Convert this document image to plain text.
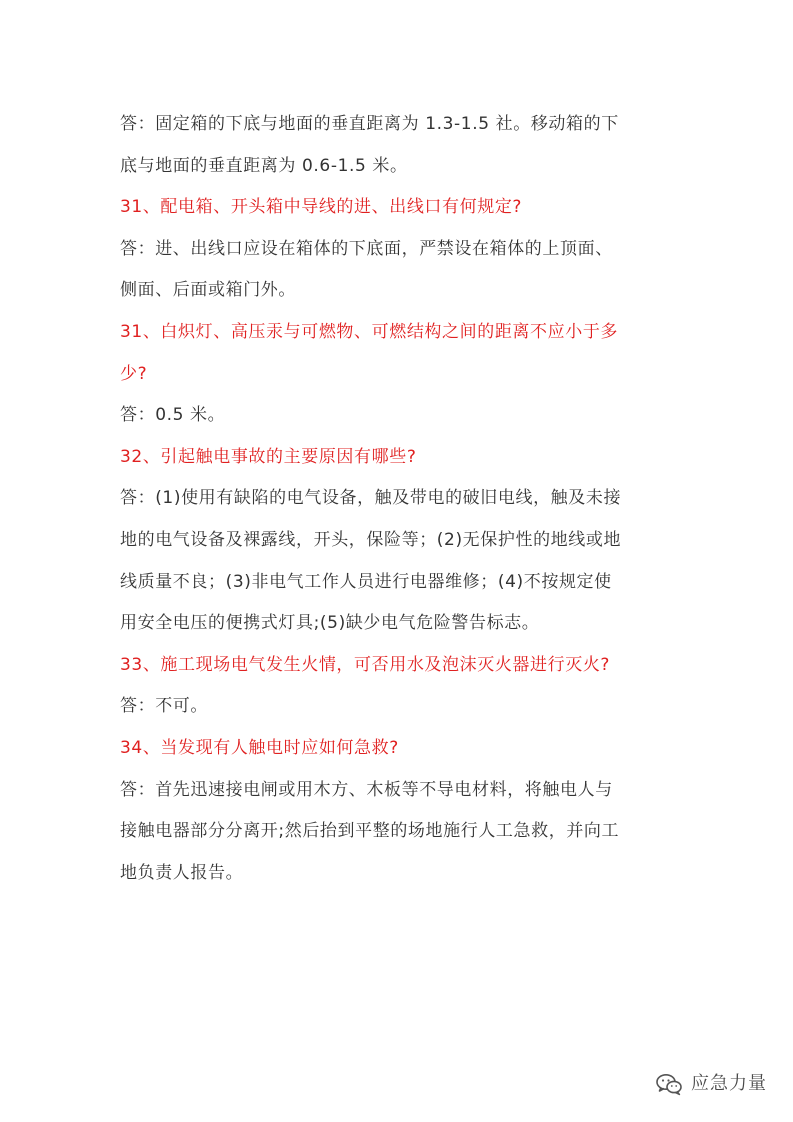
答：固定箱的下底与地面的垂直距离为 1.3-1.5 社。移动箱的下
底与地面的垂直距离为 0.6-1.5 米。
31、配电箱、开头箱中导线的进、出线口有何规定?
答：进、出线口应设在箱体的下底面，严禁设在箱体的上顶面、
侧面、后面或箱门外。
31、白炽灯、高压汞与可燃物、可燃结构之间的距离不应小于多
少?
答：0.5 米。
32、引起触电事故的主要原因有哪些?
答：(1)使用有缺陷的电气设备，触及带电的破旧电线，触及未接
地的电气设备及裸露线，开头，保险等；(2)无保护性的地线或地
线质量不良；(3)非电气工作人员进行电器维修；(4)不按规定使
用安全电压的便携式灯具;(5)缺少电气危险警告标志。
33、施工现场电气发生火情，可否用水及泡沫灭火器进行灭火?
答：不可。
34、当发现有人触电时应如何急救?
答：首先迅速接电闸或用木方、木板等不导电材料，将触电人与
接触电器部分分离开;然后抬到平整的场地施行人工急救，并向工
地负责人报告。
应急力量
